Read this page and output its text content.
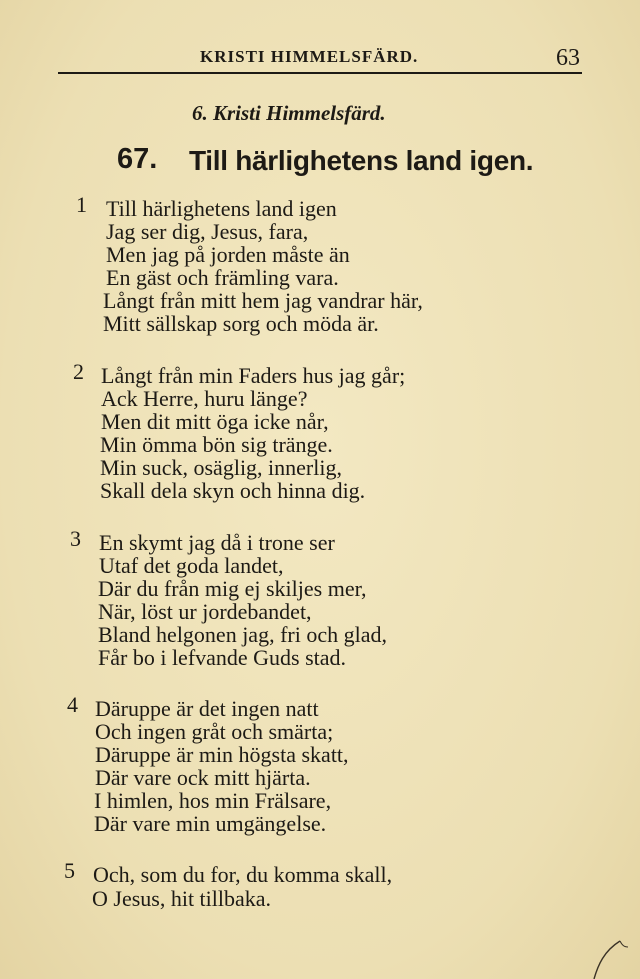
KRISTI HIMMELSFÄRD.	63
6. Kristi Himmelsfärd.
67. Till härlighetens land igen.
1 Till härlighetens land igen
Jag ser dig, Jesus, fara,
Men jag på jorden måste än
En gäst och främling vara.
Långt från mitt hem jag vandrar här,
Mitt sällskap sorg och möda är.
2 Långt från min Faders hus jag går;
Ack Herre, huru länge?
Men dit mitt öga icke når,
Min ömma bön sig tränge.
Min suck, osäglig, innerlig,
Skall dela skyn och hinna dig.
3 En skymt jag då i trone ser
Utaf det goda landet,
Där du från mig ej skiljes mer,
När, löst ur jordebandet,
Bland helgonen jag, fri och glad,
Får bo i lefvande Guds stad.
4 Däruppe är det ingen natt
Och ingen gråt och smärta;
Däruppe är min högsta skatt,
Där vare ock mitt hjärta.
I himlen, hos min Frälsare,
Där vare min umgängelse.
5 Och, som du for, du komma skall,
O Jesus, hit tillbaka.
